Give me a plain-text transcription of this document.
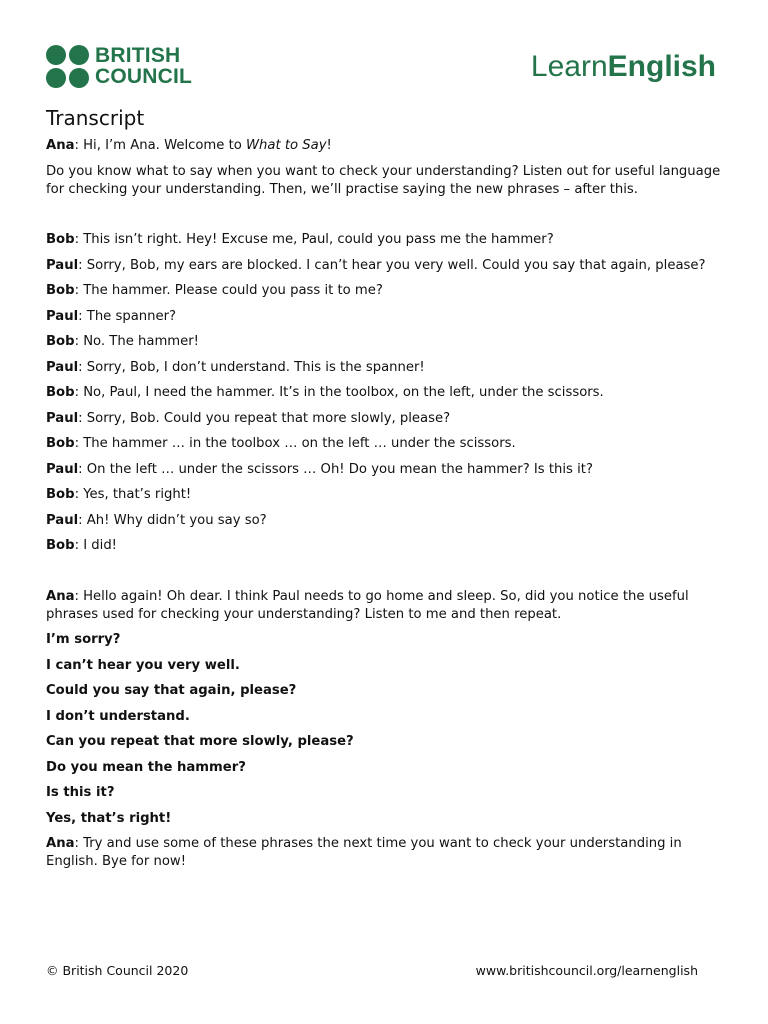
BRITISH
COUNCIL	LearnEnglish
Transcript

Ana: Hi, I’m Ana. Welcome to What to Say!

Do you know what to say when you want to check your understanding? Listen out for useful language for checking your understanding. Then, we’ll practise saying the new phrases – after this.

Bob: This isn’t right. Hey! Excuse me, Paul, could you pass me the hammer?

Paul: Sorry, Bob, my ears are blocked. I can’t hear you very well. Could you say that again, please?

Bob: The hammer. Please could you pass it to me?

Paul: The spanner?

Bob: No. The hammer!

Paul: Sorry, Bob, I don’t understand. This is the spanner!

Bob: No, Paul, I need the hammer. It’s in the toolbox, on the left, under the scissors.

Paul: Sorry, Bob. Could you repeat that more slowly, please?

Bob: The hammer … in the toolbox … on the left … under the scissors.

Paul: On the left … under the scissors … Oh! Do you mean the hammer? Is this it?

Bob: Yes, that’s right!

Paul: Ah! Why didn’t you say so?

Bob: I did!

Ana: Hello again! Oh dear. I think Paul needs to go home and sleep. So, did you notice the useful phrases used for checking your understanding? Listen to me and then repeat.

I’m sorry?

I can’t hear you very well.

Could you say that again, please?

I don’t understand.

Can you repeat that more slowly, please?

Do you mean the hammer?

Is this it?

Yes, that’s right!

Ana: Try and use some of these phrases the next time you want to check your understanding in English. Bye for now!

© British Council 2020	www.britishcouncil.org/learnenglish
